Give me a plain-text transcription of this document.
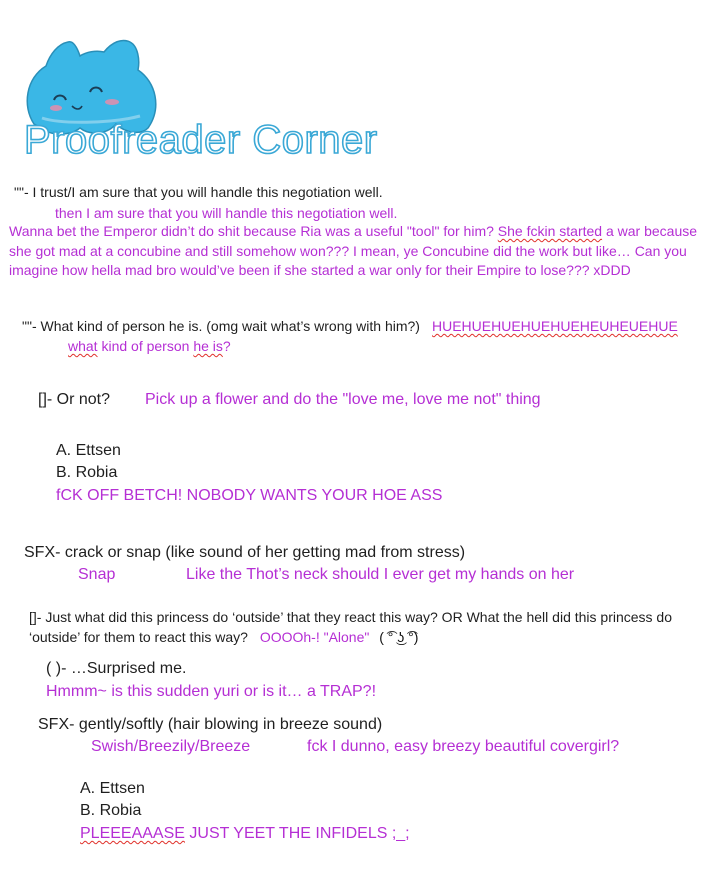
Proofreader Corner
""- I trust/I am sure that you will handle this negotiation well.
then I am sure that you will handle this negotiation well.
Wanna bet the Emperor didn’t do shit because Ria was a useful "tool" for him? She fckin started a war because she got mad at a concubine and still somehow won??? I mean, ye Concubine did the work but like… Can you imagine how hella mad bro would’ve been if she started a war only for their Empire to lose??? xDDD
""- What kind of person he is. (omg wait what’s wrong with him?) HUEHUEHUEHUEHUEHEUHEUEHUE
what kind of person he is?
[]- Or not? Pick up a flower and do the "love me, love me not" thing
A. Ettsen
B. Robia
fCK OFF BETCH! NOBODY WANTS YOUR HOE ASS
SFX- crack or snap (like sound of her getting mad from stress)
Snap	Like the Thot’s neck should I ever get my hands on her
[]- Just what did this princess do ‘outside’ that they react this way? OR What the hell did this princess do
‘outside’ for them to react this way? OOOOh-! "Alone" ( ͡° ͜ʖ ͡°)
( )- …Surprised me.
Hmmm~ is this sudden yuri or is it… a TRAP?!
SFX- gently/softly (hair blowing in breeze sound)
Swish/Breezily/Breeze	fck I dunno, easy breezy beautiful covergirl?
A. Ettsen
B. Robia
PLEEEAAASE JUST YEET THE INFIDELS ;_;
